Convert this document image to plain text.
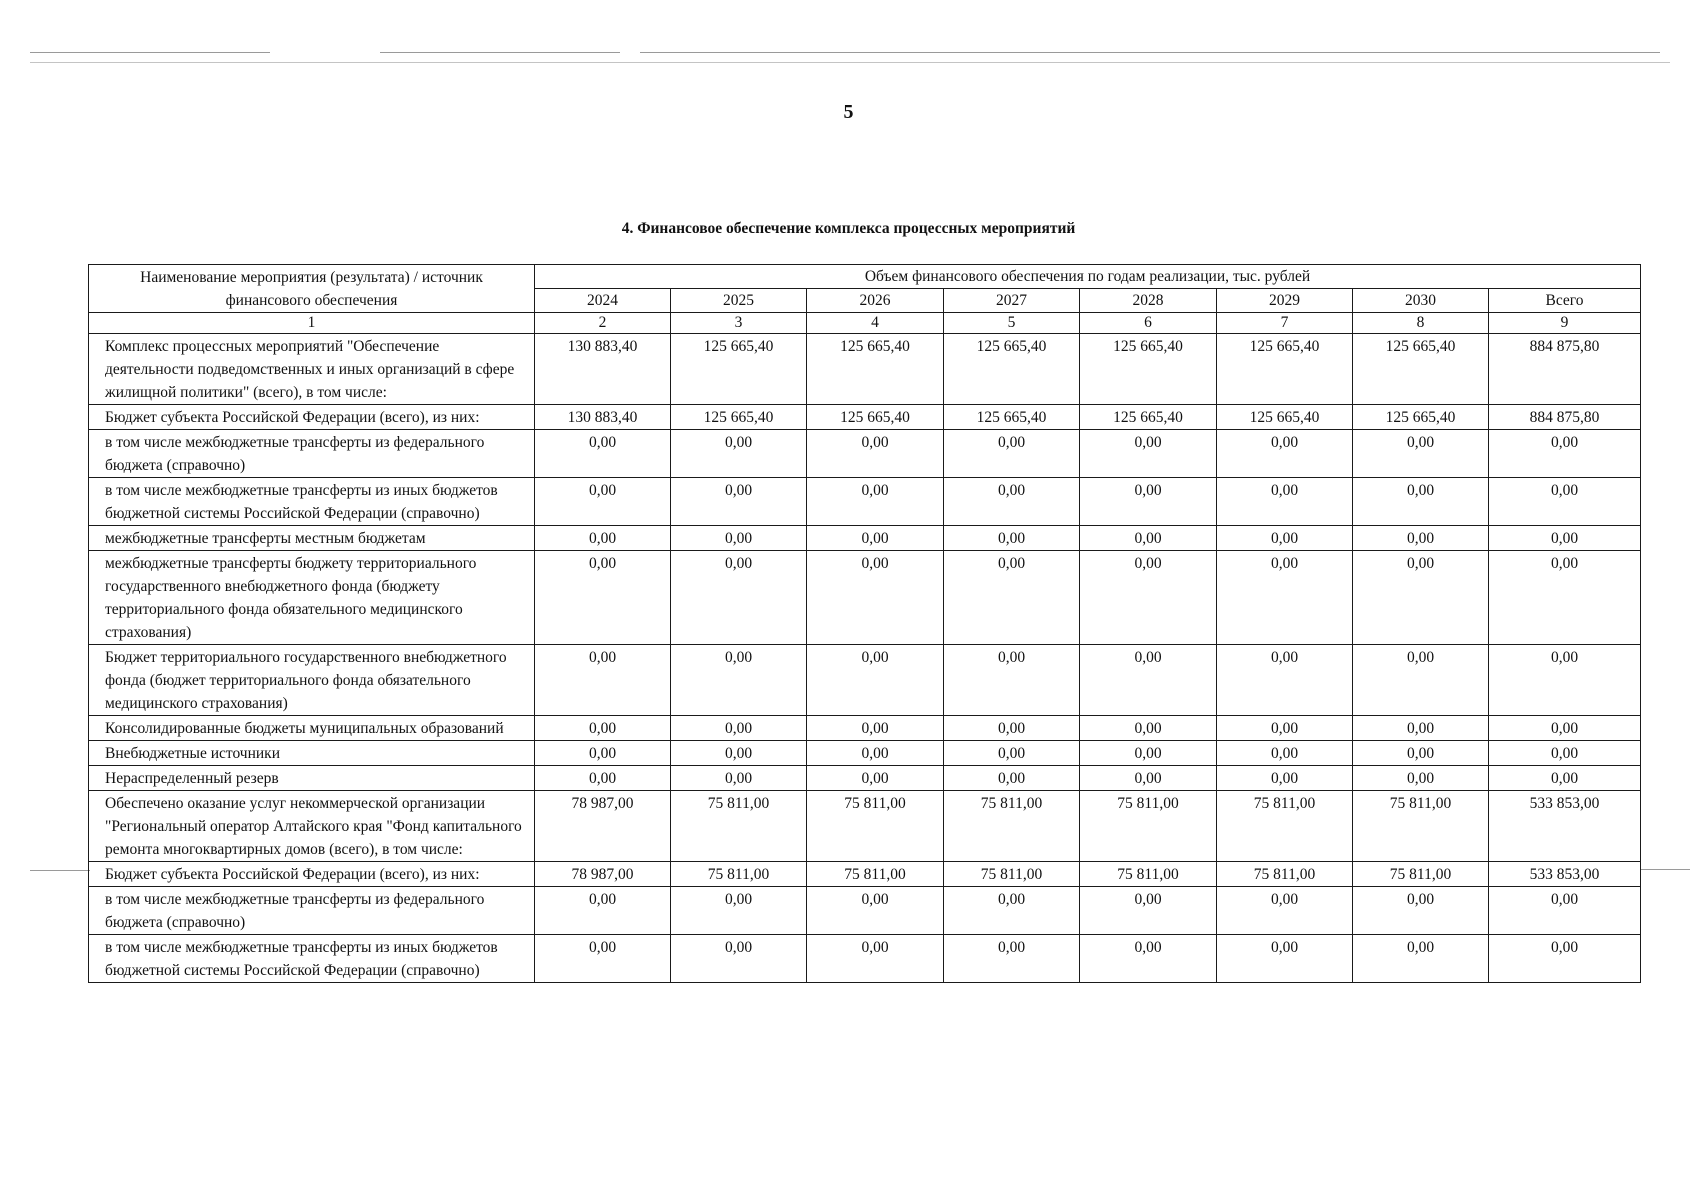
5
4. Финансовое обеспечение комплекса процессных мероприятий
Наименование мероприятия (результата) / источник финансового обеспечения	Объем финансового обеспечения по годам реализации, тыс. рублей							
	2024	2025	2026	2027	2028	2029	2030	Всего
1	2	3	4	5	6	7	8	9
Комплекс процессных мероприятий "Обеспечение деятельности подведомственных и иных организаций в сфере жилищной политики" (всего), в том числе:	130 883,40	125 665,40	125 665,40	125 665,40	125 665,40	125 665,40	125 665,40	884 875,80
Бюджет субъекта Российской Федерации (всего), из них:	130 883,40	125 665,40	125 665,40	125 665,40	125 665,40	125 665,40	125 665,40	884 875,80
в том числе межбюджетные трансферты из федерального бюджета (справочно)	0,00	0,00	0,00	0,00	0,00	0,00	0,00	0,00
в том числе межбюджетные трансферты из иных бюджетов бюджетной системы Российской Федерации (справочно)	0,00	0,00	0,00	0,00	0,00	0,00	0,00	0,00
межбюджетные трансферты местным бюджетам	0,00	0,00	0,00	0,00	0,00	0,00	0,00	0,00
межбюджетные трансферты бюджету территориального государственного внебюджетного фонда (бюджету территориального фонда обязательного медицинского страхования)	0,00	0,00	0,00	0,00	0,00	0,00	0,00	0,00
Бюджет территориального государственного внебюджетного фонда (бюджет территориального фонда обязательного медицинского страхования)	0,00	0,00	0,00	0,00	0,00	0,00	0,00	0,00
Консолидированные бюджеты муниципальных образований	0,00	0,00	0,00	0,00	0,00	0,00	0,00	0,00
Внебюджетные источники	0,00	0,00	0,00	0,00	0,00	0,00	0,00	0,00
Нераспределенный резерв	0,00	0,00	0,00	0,00	0,00	0,00	0,00	0,00
Обеспечено оказание услуг некоммерческой организации "Региональный оператор Алтайского края "Фонд капитального ремонта многоквартирных домов (всего), в том числе:	78 987,00	75 811,00	75 811,00	75 811,00	75 811,00	75 811,00	75 811,00	533 853,00
Бюджет субъекта Российской Федерации (всего), из них:	78 987,00	75 811,00	75 811,00	75 811,00	75 811,00	75 811,00	75 811,00	533 853,00
в том числе межбюджетные трансферты из федерального бюджета (справочно)	0,00	0,00	0,00	0,00	0,00	0,00	0,00	0,00
в том числе межбюджетные трансферты из иных бюджетов бюджетной системы Российской Федерации (справочно)	0,00	0,00	0,00	0,00	0,00	0,00	0,00	0,00
